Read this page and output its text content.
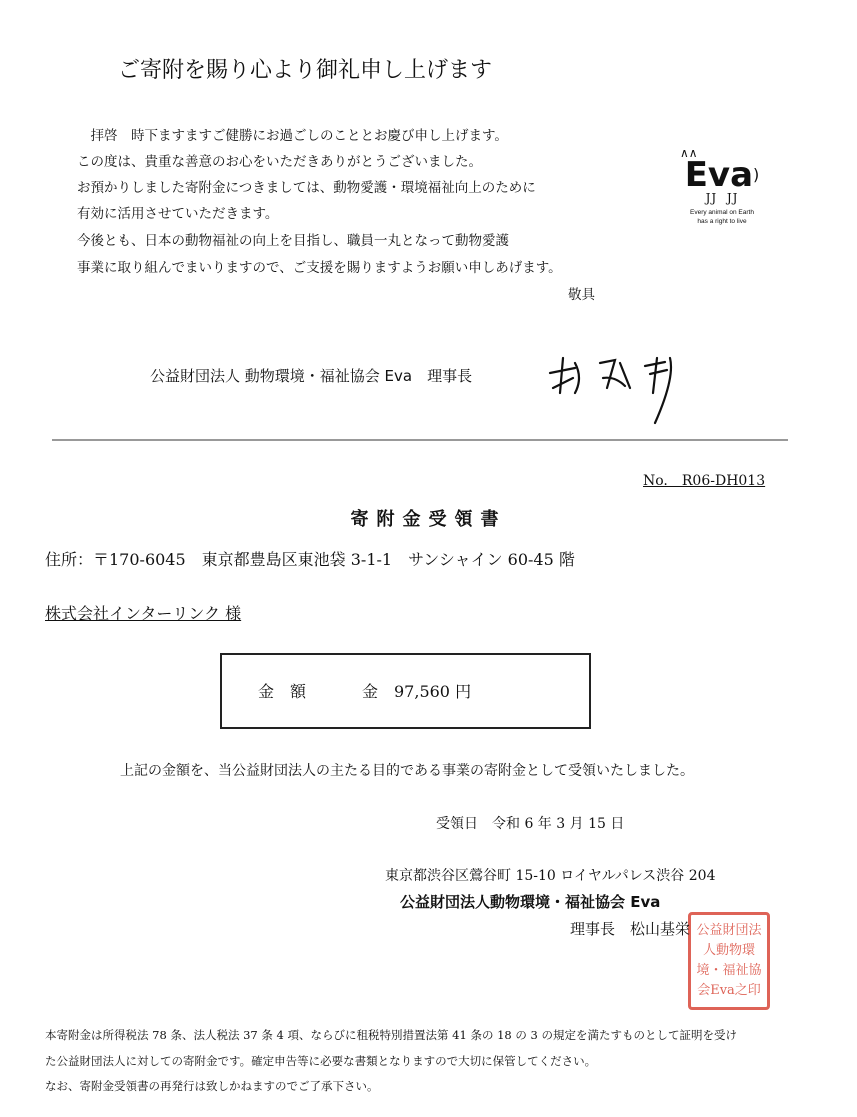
ご寄附を賜り心より御礼申し上げます
　拝啓　時下ますますご健勝にお過ごしのこととお慶び申し上げます。
この度は、貴重な善意のお心をいただきありがとうございました。
お預かりしました寄附金につきましては、動物愛護・環境福祉向上のために
有効に活用させていただきます。
今後とも、日本の動物福祉の向上を目指し、職員一丸となって動物愛護
事業に取り組んでまいりますので、ご支援を賜りますようお願い申しあげます。
敬具
∧∧
Eva)
JJ  JJ
Every animal on Earth
has a right to live
公益財団法人 動物環境・福祉協会 Eva　理事長
No.　R06-DH013
寄附金受領書
住所：〒170-6045　東京都豊島区東池袋 3-1-1　サンシャイン 60-45 階
株式会社インターリンク 様
金　額	金　97,560 円
上記の金額を、当公益財団法人の主たる目的である事業の寄附金として受領いたしました。
受領日　令和 6 年 3 月 15 日
東京都渋谷区鶯谷町 15-10 ロイヤルパレス渋谷 204
公益財団法人動物環境・福祉協会 Eva
公益財団法人動物環境・福祉協会Eva之印
理事長　松山基栄
本寄附金は所得税法 78 条、法人税法 37 条 4 項、ならびに租税特別措置法第 41 条の 18 の 3 の規定を満たすものとして証明を受け
た公益財団法人に対しての寄附金です。確定申告等に必要な書類となりますので大切に保管してください。
なお、寄附金受領書の再発行は致しかねますのでご了承下さい。
